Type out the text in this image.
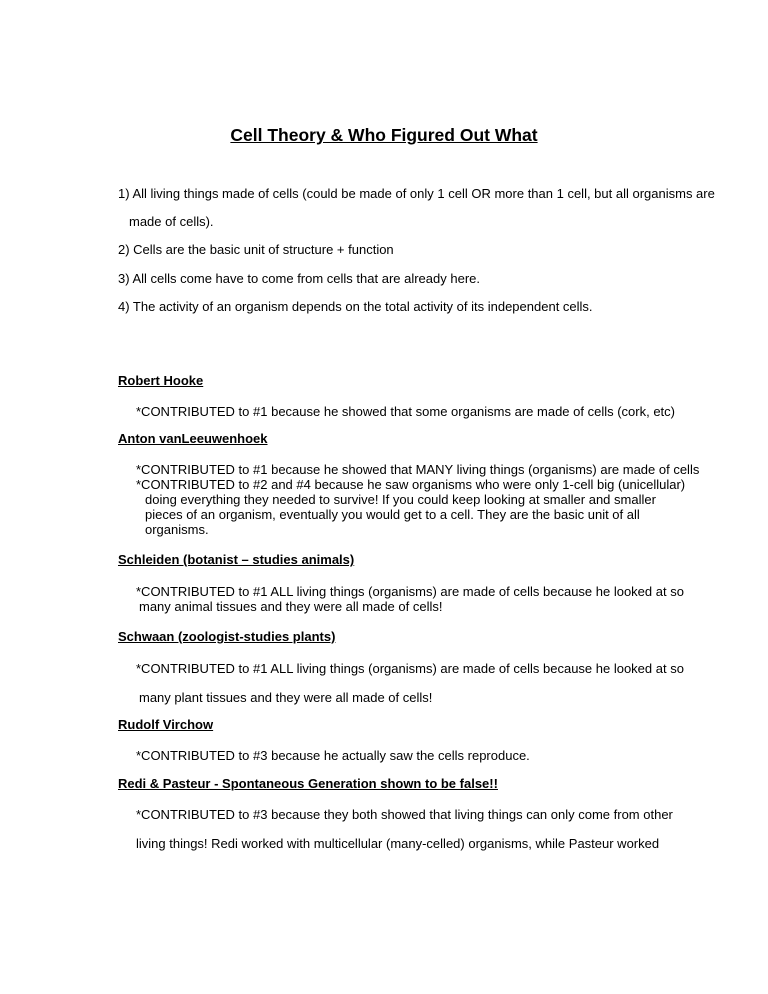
Cell Theory & Who Figured Out What
1) All living things made of cells (could be made of only 1 cell OR more than 1 cell, but all organisms are
made of cells).
2) Cells are the basic unit of structure + function
3) All cells come have to come from cells that are already here.
4) The activity of an organism depends on the total activity of its independent cells.
Robert Hooke
*CONTRIBUTED to #1 because he showed that some organisms are made of cells (cork, etc)
Anton vanLeeuwenhoek
*CONTRIBUTED to #1 because he showed that MANY living things (organisms) are made of cells
*CONTRIBUTED to #2 and #4 because he saw organisms who were only 1-cell big (unicellular)
doing everything they needed to survive! If you could keep looking at smaller and smaller
pieces of an organism, eventually you would get to a cell. They are the basic unit of all
organisms.
Schleiden (botanist – studies animals)
*CONTRIBUTED to #1 ALL living things (organisms) are made of cells because he looked at so
many animal tissues and they were all made of cells!
Schwaan (zoologist-studies plants)
*CONTRIBUTED to #1 ALL living things (organisms) are made of cells because he looked at so
many plant tissues and they were all made of cells!
Rudolf Virchow
*CONTRIBUTED to #3 because he actually saw the cells reproduce.
Redi & Pasteur - Spontaneous Generation shown to be false!!
*CONTRIBUTED to #3 because they both showed that living things can only come from other
living things! Redi worked with multicellular (many-celled) organisms, while Pasteur worked
